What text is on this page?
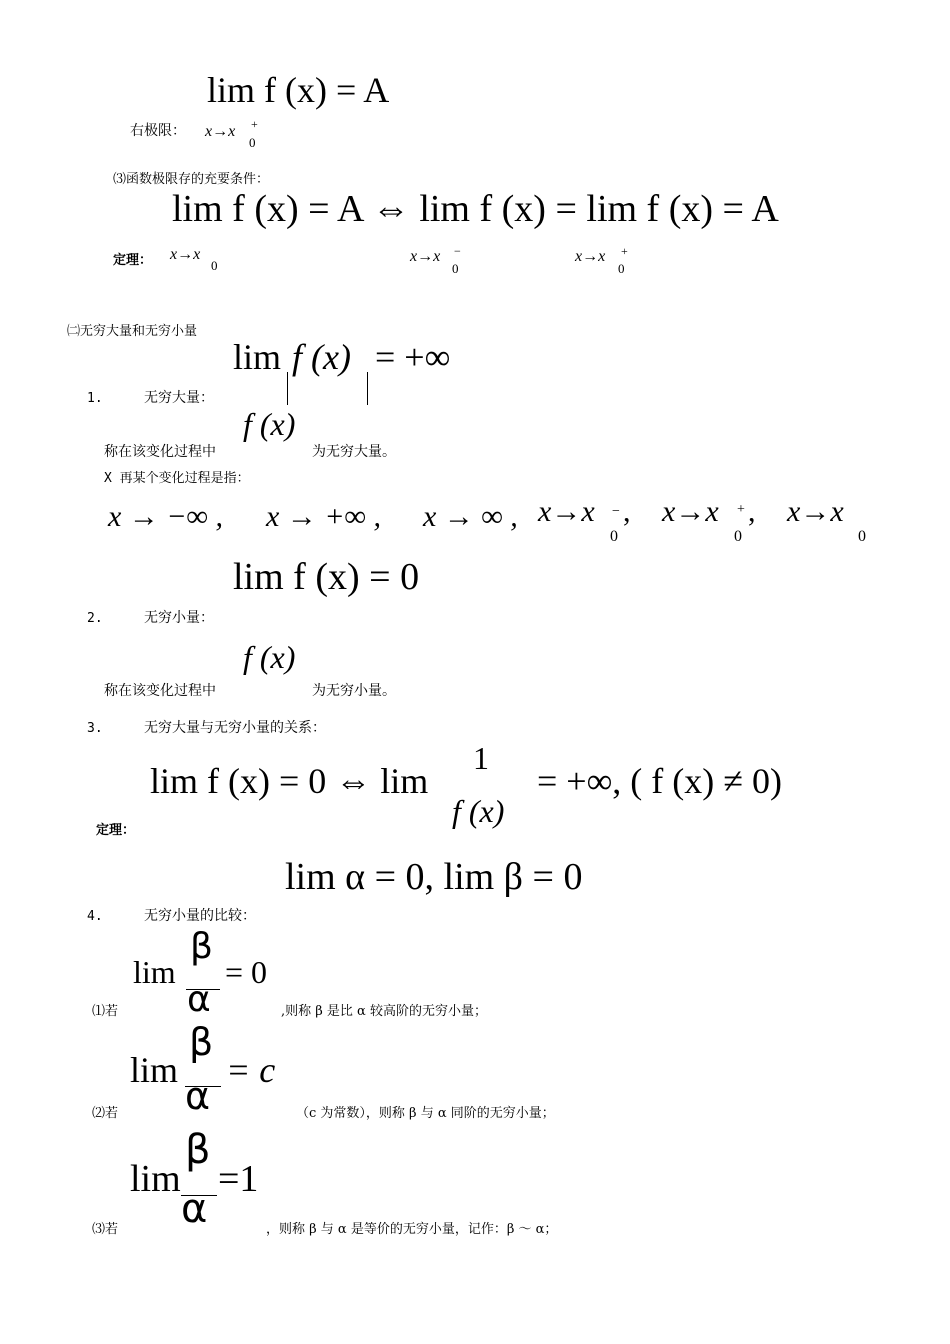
lim f (x) = A
右极限： x→x +
0
⑶函数极限存的充要条件：
lim f (x) = A ⇔ lim f (x) = lim f (x) = A
定理： x→x
0
x→x −
0
x→x +
0
㈡无穷大量和无穷小量
lim f (x) = +∞
1.	无穷大量：
f (x)
称在该变化过程中	为无穷大量。
X 再某个变化过程是指：
x → −∞ , x → +∞ , x → ∞ , x→x − ,
0
x→x + ,
0
x→x
0
lim f (x) = 0
2.	无穷小量：
f (x)
称在该变化过程中	为无穷小量。
3.	无穷大量与无穷小量的关系：
1
lim f (x) = 0 ⇔ lim	= +∞, ( f (x) ≠ 0)
f (x)
定理：
lim α = 0, lim β = 0
4.	无穷小量的比较：
lim
β
α
= 0
⑴若	,则称 β 是比 α 较高阶的无穷小量；
lim
β
α
= c
⑵若	（c 为常数），则称 β 与 α 同阶的无穷小量；
lim
β
α
=1
⑶若	，则称 β 与 α 是等价的无穷小量，记作：β ～ α；
